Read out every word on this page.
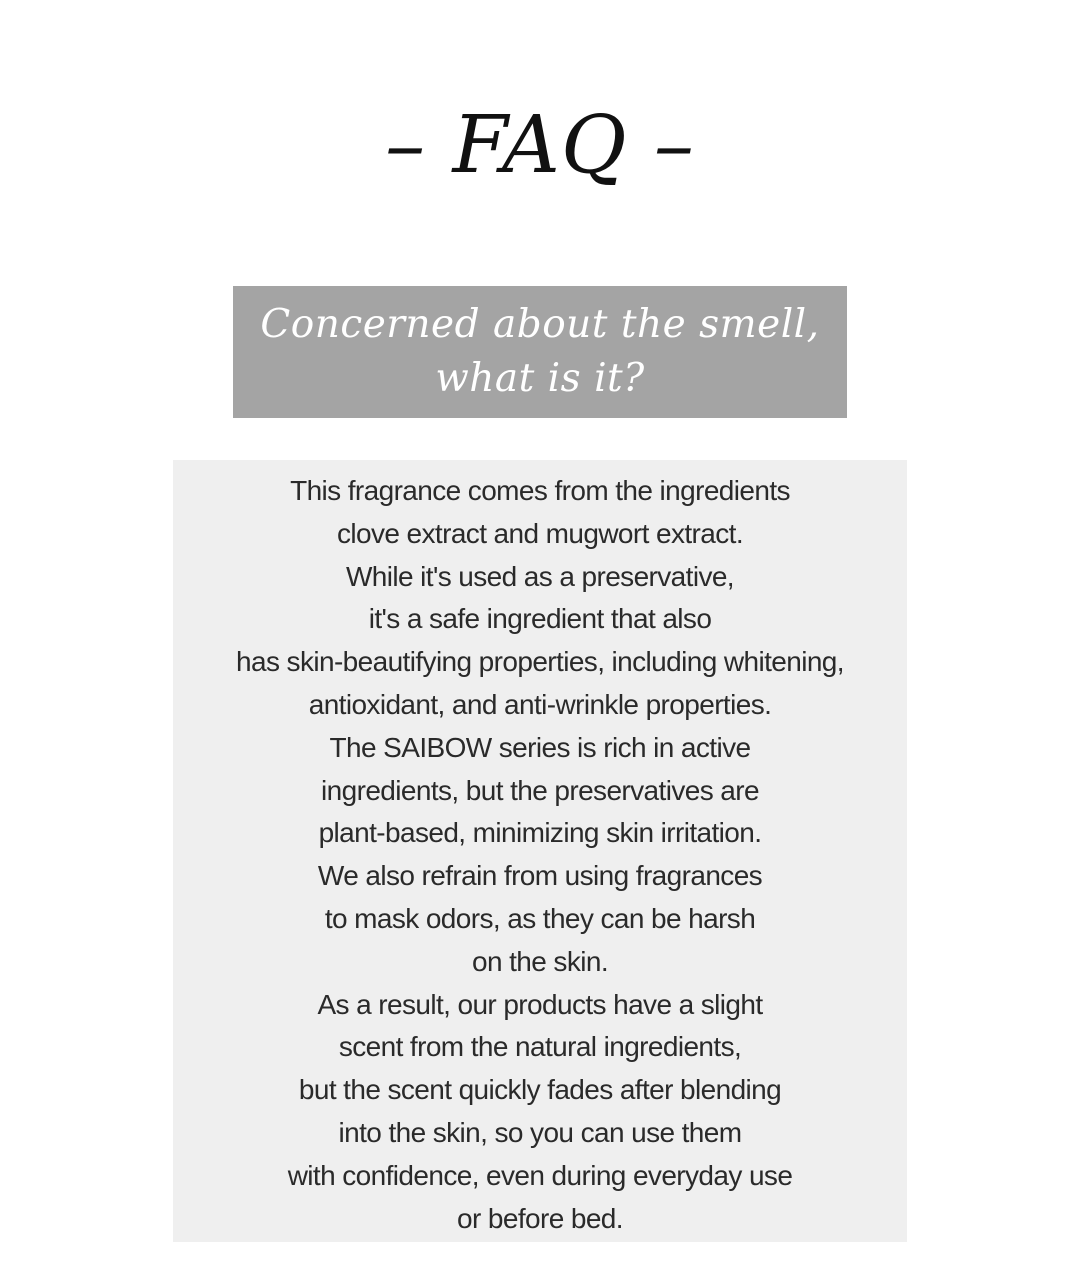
– FAQ –
Concerned about the smell,
what is it?
This fragrance comes from the ingredients
clove extract and mugwort extract.
While it's used as a preservative,
it's a safe ingredient that also
has skin-beautifying properties, including whitening,
antioxidant, and anti-wrinkle properties.
The SAIBOW series is rich in active
ingredients, but the preservatives are
plant-based, minimizing skin irritation.
We also refrain from using fragrances
to mask odors, as they can be harsh
on the skin.
As a result, our products have a slight
scent from the natural ingredients,
but the scent quickly fades after blending
into the skin, so you can use them
with confidence, even during everyday use
or before bed.
